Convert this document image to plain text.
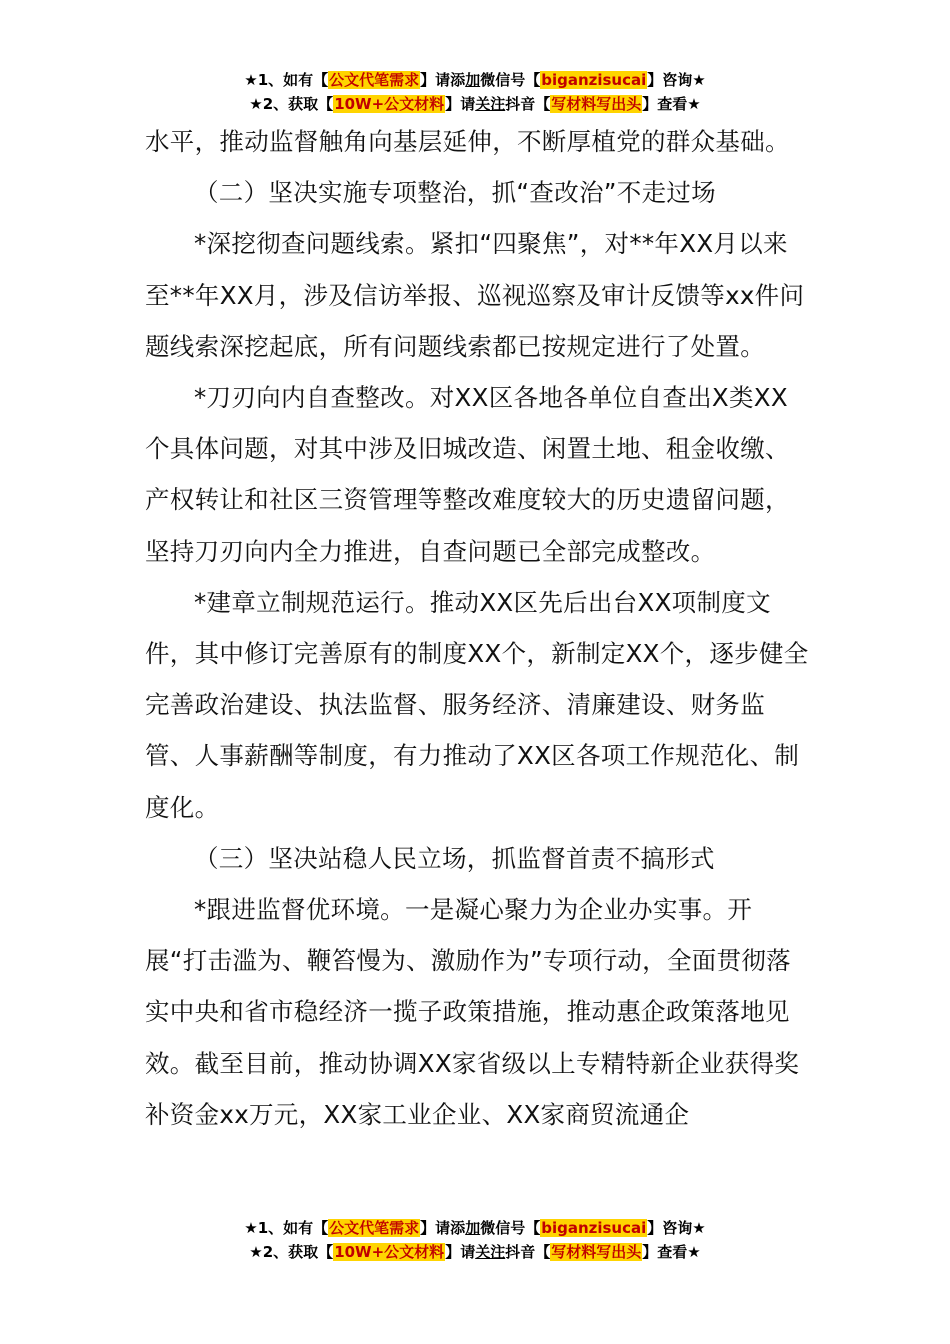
★1、如有【公文代笔需求】请添加微信号【biganzisucai】咨询★
★2、获取【10W+公文材料】请关注抖音【写材料写出头】查看★

水平，推动监督触角向基层延伸，不断厚植党的群众基础。

（二）坚决实施专项整治，抓“查改治”不走过场

*深挖彻查问题线索。紧扣“四聚焦”，对**年XX月以来至**年XX月，涉及信访举报、巡视巡察及审计反馈等xx件问题线索深挖起底，所有问题线索都已按规定进行了处置。

*刀刃向内自查整改。对XX区各地各单位自查出X类XX个具体问题，对其中涉及旧城改造、闲置土地、租金收缴、产权转让和社区三资管理等整改难度较大的历史遗留问题，坚持刀刃向内全力推进，自查问题已全部完成整改。

*建章立制规范运行。推动XX区先后出台XX项制度文件，其中修订完善原有的制度XX个，新制定XX个，逐步健全完善政治建设、执法监督、服务经济、清廉建设、财务监管、人事薪酬等制度，有力推动了XX区各项工作规范化、制度化。

（三）坚决站稳人民立场，抓监督首责不搞形式

*跟进监督优环境。一是凝心聚力为企业办实事。开展“打击滥为、鞭笞慢为、激励作为”专项行动，全面贯彻落实中央和省市稳经济一揽子政策措施，推动惠企政策落地见效。截至目前，推动协调XX家省级以上专精特新企业获得奖补资金xx万元，XX家工业企业、XX家商贸流通企

★1、如有【公文代笔需求】请添加微信号【biganzisucai】咨询★
★2、获取【10W+公文材料】请关注抖音【写材料写出头】查看★
